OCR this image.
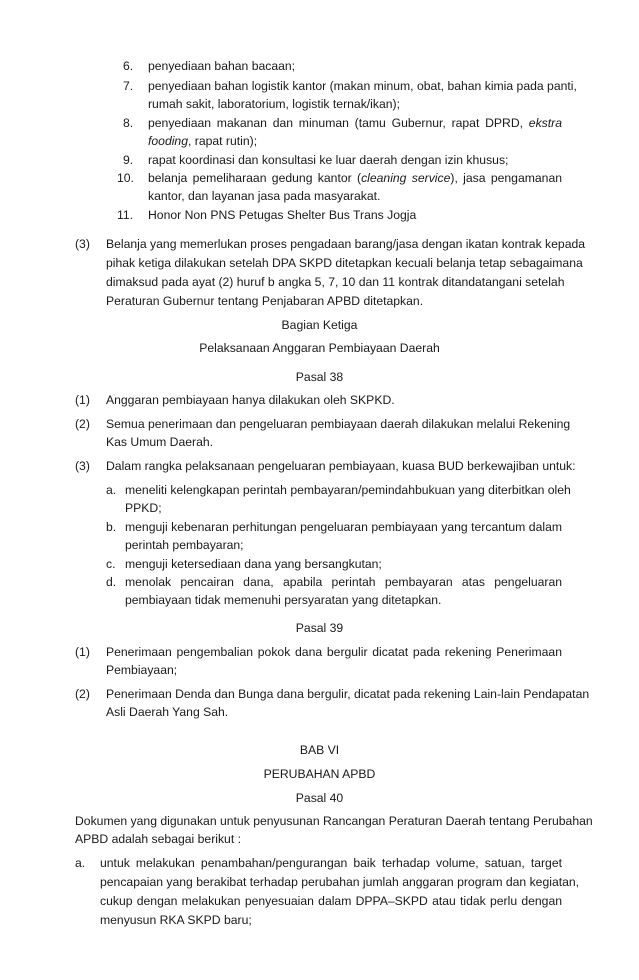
6. penyediaan bahan bacaan;
7. penyediaan bahan logistik kantor (makan minum, obat, bahan kimia pada panti,
rumah sakit, laboratorium, logistik ternak/ikan);
8. penyediaan makanan dan minuman (tamu Gubernur, rapat DPRD, ekstra
fooding, rapat rutin);
9. rapat koordinasi dan konsultasi ke luar daerah dengan izin khusus;
10. belanja pemeliharaan gedung kantor (cleaning service), jasa pengamanan
kantor, dan layanan jasa pada masyarakat.
11. Honor Non PNS Petugas Shelter Bus Trans Jogja
(3) Belanja yang memerlukan proses pengadaan barang/jasa dengan ikatan kontrak kepada
pihak ketiga dilakukan setelah DPA SKPD ditetapkan kecuali belanja tetap sebagaimana
dimaksud pada ayat (2) huruf b angka 5, 7, 10 dan 11 kontrak ditandatangani setelah
Peraturan Gubernur tentang Penjabaran APBD ditetapkan.
Bagian Ketiga
Pelaksanaan Anggaran Pembiayaan Daerah
Pasal 38
(1) Anggaran pembiayaan hanya dilakukan oleh SKPKD.
(2) Semua penerimaan dan pengeluaran pembiayaan daerah dilakukan melalui Rekening
Kas Umum Daerah.
(3) Dalam rangka pelaksanaan pengeluaran pembiayaan, kuasa BUD berkewajiban untuk:
a. meneliti kelengkapan perintah pembayaran/pemindahbukuan yang diterbitkan oleh
PPKD;
b. menguji kebenaran perhitungan pengeluaran pembiayaan yang tercantum dalam
perintah pembayaran;
c. menguji ketersediaan dana yang bersangkutan;
d. menolak pencairan dana, apabila perintah pembayaran atas pengeluaran
pembiayaan tidak memenuhi persyaratan yang ditetapkan.
Pasal 39
(1) Penerimaan pengembalian pokok dana bergulir dicatat pada rekening Penerimaan
Pembiayaan;
(2) Penerimaan Denda dan Bunga dana bergulir, dicatat pada rekening Lain-lain Pendapatan
Asli Daerah Yang Sah.
BAB VI
PERUBAHAN APBD
Pasal 40
Dokumen yang digunakan untuk penyusunan Rancangan Peraturan Daerah tentang Perubahan
APBD adalah sebagai berikut :
a. untuk melakukan penambahan/pengurangan baik terhadap volume, satuan, target
pencapaian yang berakibat terhadap perubahan jumlah anggaran program dan kegiatan,
cukup dengan melakukan penyesuaian dalam DPPA–SKPD atau tidak perlu dengan
menyusun RKA SKPD baru;
